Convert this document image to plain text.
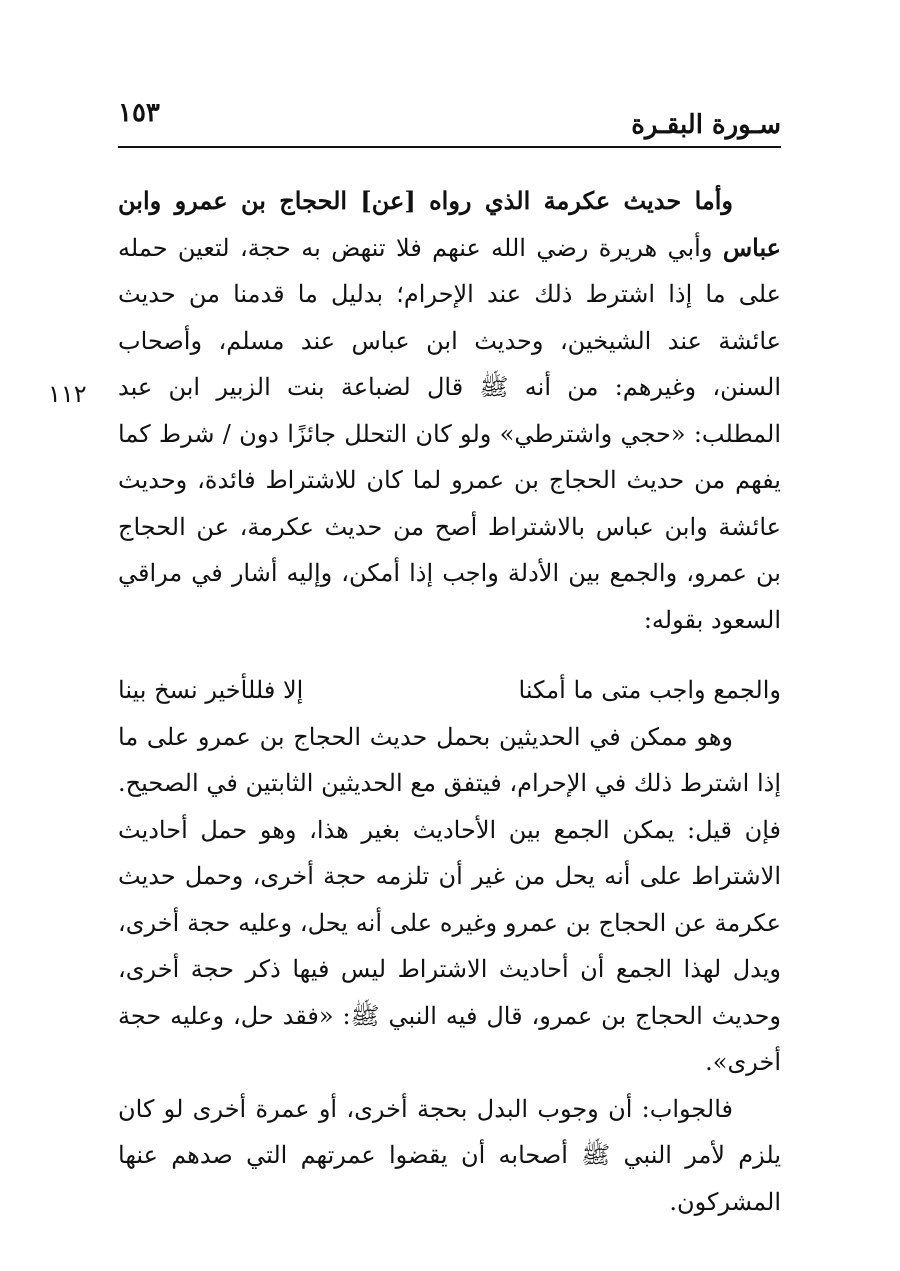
سـورة البقـرة
١٥٣
١١٢

وأما حديث عكرمة الذي رواه [عن] الحجاج بن عمرو وابن عباس وأبي هريرة رضي الله عنهم فلا تنهض به حجة، لتعين حمله على ما إذا اشترط ذلك عند الإحرام؛ بدليل ما قدمنا من حديث عائشة عند الشيخين، وحديث ابن عباس عند مسلم، وأصحاب السنن، وغيرهم: من أنه ﷺ قال لضباعة بنت الزبير ابن عبد المطلب: «حجي واشترطي» ولو كان التحلل جائزًا دون / شرط كما يفهم من حديث الحجاج بن عمرو لما كان للاشتراط فائدة، وحديث عائشة وابن عباس بالاشتراط أصح من حديث عكرمة، عن الحجاج بن عمرو، والجمع بين الأدلة واجب إذا أمكن، وإليه أشار في مراقي السعود بقوله:

والجمع واجب متى ما أمكنا
إلا فللأخير نسخ بينا

وهو ممكن في الحديثين بحمل حديث الحجاج بن عمرو على ما إذا اشترط ذلك في الإحرام، فيتفق مع الحديثين الثابتين في الصحيح. فإن قيل: يمكن الجمع بين الأحاديث بغير هذا، وهو حمل أحاديث الاشتراط على أنه يحل من غير أن تلزمه حجة أخرى، وحمل حديث عكرمة عن الحجاج بن عمرو وغيره على أنه يحل، وعليه حجة أخرى، ويدل لهذا الجمع أن أحاديث الاشتراط ليس فيها ذكر حجة أخرى، وحديث الحجاج بن عمرو، قال فيه النبي ﷺ: «فقد حل، وعليه حجة أخرى».

فالجواب: أن وجوب البدل بحجة أخرى، أو عمرة أخرى لو كان يلزم لأمر النبي ﷺ أصحابه أن يقضوا عمرتهم التي صدهم عنها المشركون.
